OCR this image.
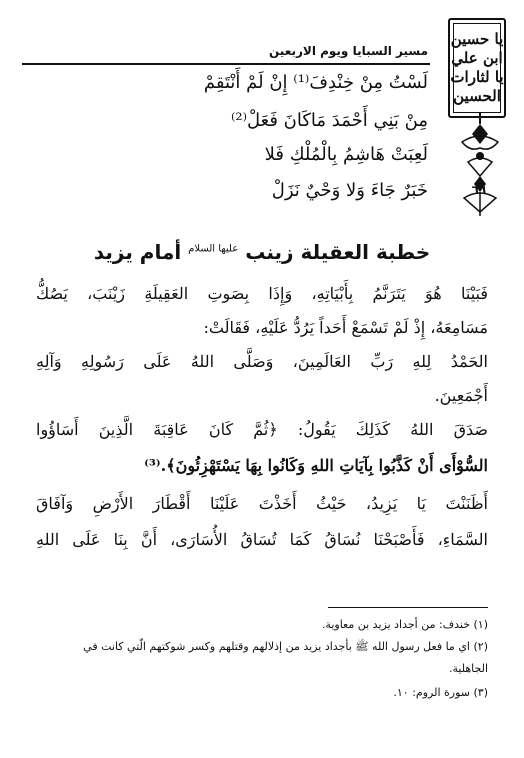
مسير السبايا ويوم الاربعين
يا حسين
ابن علي
يا لثارات
الحسين
٦٦
لَسْتُ مِنْ خِنْدِفَ⁽¹⁾ إِنْ لَمْ أَنْتَقِمْ
مِنْ بَنِي أَحْمَدَ مَاكَانَ فَعَلْ⁽²⁾
لَعِبَتْ هَاشِمُ بِالْمُلْكِ فَلا
خَبَرٌ جَاءَ وَلا وَحْيٌ نَزَلْ
خطبة العقيلة زينب $^{عليها السلام}$ أمام يزيد
فَبَيْنَا هُوَ يَتَرَنَّمُ بِأَبْيَاتِهِ، وَإِذَا بِصَوتِ العَقِيلَةِ زَيْنَبَ، يَصُكُّ
مَسَامِعَهُ، إِذْ لَمْ تَسْمَعْ أَحَداً يَرُدُّ عَلَيْهِ، فَقَالَتْ:
الحَمْدُ لِلهِ رَبِّ العَالَمِينَ، وَصَلَّى اللهُ عَلَى رَسُولِهِ وَآلِهِ
أَجْمَعِينَ.
صَدَقَ اللهُ كَذَلِكَ يَقُولُ: ﴿ثُمَّ كَانَ عَاقِبَةَ الَّذِينَ أَسَاؤُوا
السُّوْأَى أَنْ كَذَّبُوا بِآيَاتِ اللهِ وَكَانُوا بِهَا يَسْتَهْزِئُونَ﴾.⁽³⁾
أَظَنَنْتَ يَا يَزِيدُ، حَيْثُ أَخَذْتَ عَلَيْنَا أَقْطَارَ الأَرْضِ وَآفَاقَ
السَّمَاءِ، فَأَصْبَحْنَا نُسَاقُ كَمَا تُسَاقُ الأُسَارَى، أَنَّ بِنَا عَلَى اللهِ
(١) خندف: من أجداد يزيد بن معاوية.
(٢) اي ما فعل رسول الله ﷺ بأجداد يزيد من إذلالهم وقتلهم وكسر شوكتهم الّتي كانت في
الجاهلية.
(٣) سورة الروم: ١٠.
